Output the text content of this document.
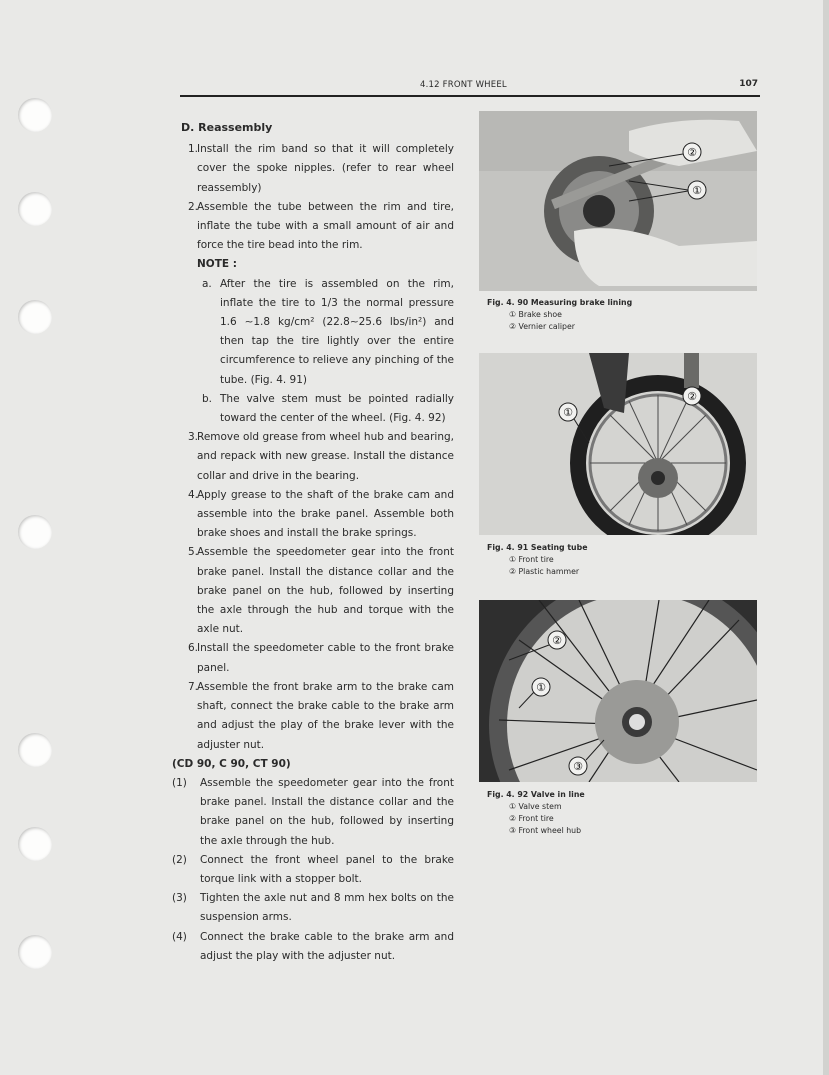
4.12 FRONT WHEEL	107
D. Reassembly
1.
Install the rim band so that it will completely cover the spoke nipples. (refer to rear wheel reassembly)
2.
Assemble the tube between the rim and tire, inflate the tube with a small amount of air and force the tire bead into the rim.
NOTE :
a. After the tire is assembled on the rim, inflate the tire to 1/3 the normal pressure 1.6 ∼1.8 kg/cm² (22.8∼25.6 lbs/in²) and then tap the tire lightly over the entire circumference to relieve any pinching of the tube. (Fig. 4. 91)
b. The valve stem must be pointed radially toward the center of the wheel. (Fig. 4. 92)
3.
Remove old grease from wheel hub and bearing, and repack with new grease. Install the distance collar and drive in the bearing.
4.
Apply grease to the shaft of the brake cam and assemble into the brake panel. Assemble both brake shoes and install the brake springs.
5.
Assemble the speedometer gear into the front brake panel. Install the distance collar and the brake panel on the hub, followed by inserting the axle through the hub and torque with the axle nut.
6.
Install the speedometer cable to the front brake panel.
7.
Assemble the front brake arm to the brake cam shaft, connect the brake cable to the brake arm and adjust the play of the brake lever with the adjuster nut.
(CD 90, C 90, CT 90)
(1) Assemble the speedometer gear into the front brake panel. Install the distance collar and the brake panel on the hub, followed by inserting the axle through the hub.
(2) Connect the front wheel panel to the brake torque link with a stopper bolt.
(3) Tighten the axle nut and 8 mm hex bolts on the suspension arms.
(4) Connect the brake cable to the brake arm and adjust the play with the adjuster nut.
②
①
Fig. 4. 90 Measuring brake lining
① Brake shoe
② Vernier caliper
①
②
Fig. 4. 91 Seating tube
① Front tire
② Plastic hammer
②
①
③
Fig. 4. 92 Valve in line
① Valve stem
② Front tire
③ Front wheel hub
